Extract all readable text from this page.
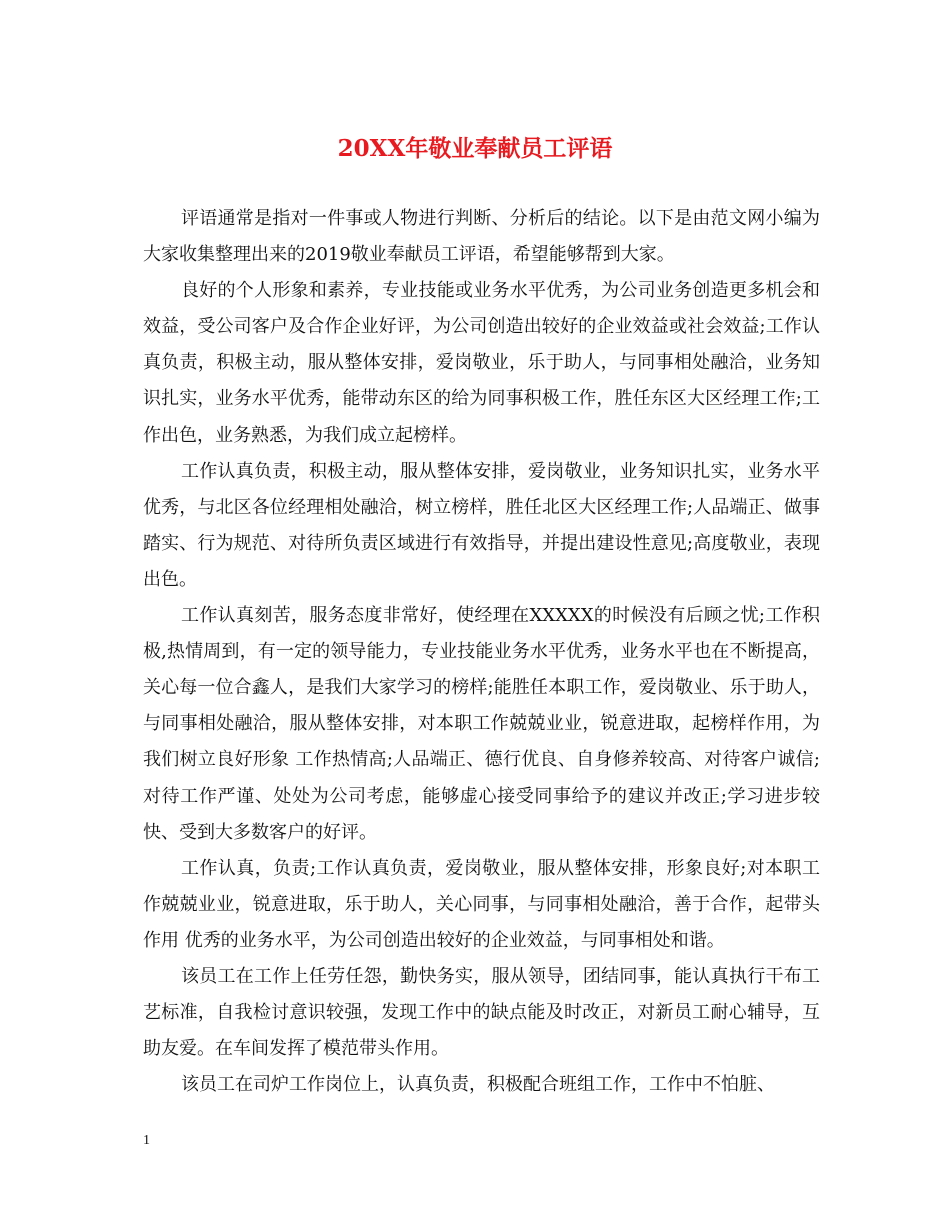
20XX年敬业奉献员工评语

评语通常是指对一件事或人物进行判断、分析后的结论。以下是由范文网小编为大家收集整理出来的2019敬业奉献员工评语，希望能够帮到大家。

良好的个人形象和素养，专业技能或业务水平优秀，为公司业务创造更多机会和效益，受公司客户及合作企业好评，为公司创造出较好的企业效益或社会效益;工作认真负责，积极主动，服从整体安排，爱岗敬业，乐于助人，与同事相处融洽，业务知识扎实，业务水平优秀，能带动东区的给为同事积极工作，胜任东区大区经理工作;工作出色，业务熟悉，为我们成立起榜样。

工作认真负责，积极主动，服从整体安排，爱岗敬业，业务知识扎实，业务水平优秀，与北区各位经理相处融洽，树立榜样，胜任北区大区经理工作;人品端正、做事踏实、行为规范、对待所负责区域进行有效指导，并提出建设性意见;高度敬业，表现出色。

工作认真刻苦，服务态度非常好，使经理在XXXXX的时候没有后顾之忧;工作积极,热情周到，有一定的领导能力，专业技能业务水平优秀，业务水平也在不断提高，关心每一位合鑫人，是我们大家学习的榜样;能胜任本职工作，爱岗敬业、乐于助人，与同事相处融洽，服从整体安排，对本职工作兢兢业业，锐意进取，起榜样作用，为我们树立良好形象 工作热情高;人品端正、德行优良、自身修养较高、对待客户诚信;对待工作严谨、处处为公司考虑，能够虚心接受同事给予的建议并改正;学习进步较快、受到大多数客户的好评。

工作认真，负责;工作认真负责，爱岗敬业，服从整体安排，形象良好;对本职工作兢兢业业，锐意进取，乐于助人，关心同事，与同事相处融洽，善于合作，起带头作用 优秀的业务水平，为公司创造出较好的企业效益，与同事相处和谐。

该员工在工作上任劳任怨，勤快务实，服从领导，团结同事，能认真执行干布工艺标准，自我检讨意识较强，发现工作中的缺点能及时改正，对新员工耐心辅导，互助友爱。在车间发挥了模范带头作用。

该员工在司炉工作岗位上，认真负责，积极配合班组工作，工作中不怕脏、

1
